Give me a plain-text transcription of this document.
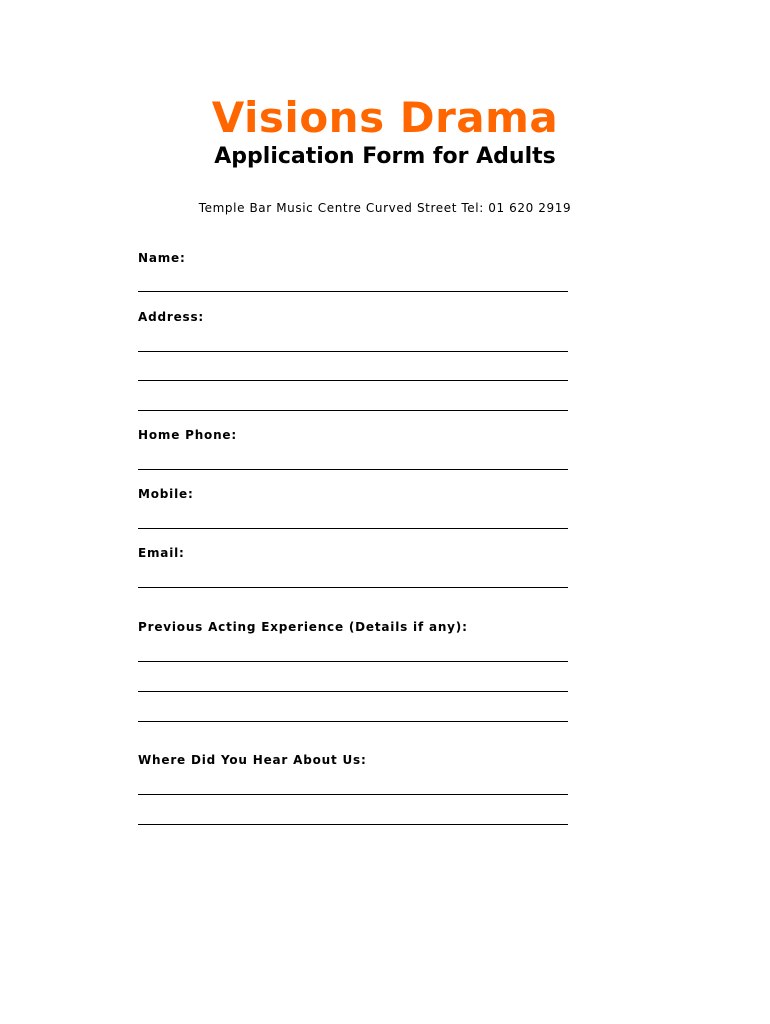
Visions Drama
Application Form for Adults
Temple Bar Music Centre Curved Street Tel: 01 620 2919
Name:
Address:
Home Phone:
Mobile:
Email:
Previous Acting Experience (Details if any):
Where Did You Hear About Us:
